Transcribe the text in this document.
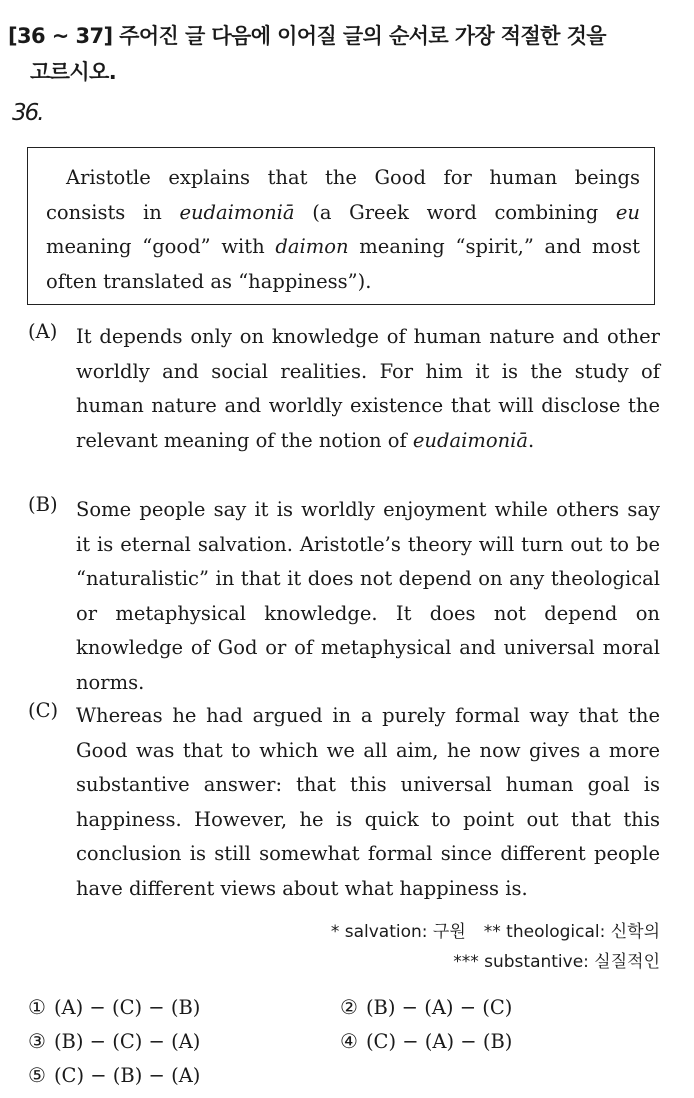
[36 ~ 37] 주어진 글 다음에 이어질 글의 순서로 가장 적절한 것을
고르시오.
36.

Aristotle explains that the Good for human beings consists in eudaimoniā (a Greek word combining eu meaning “good” with daimon meaning “spirit,” and most often translated as “happiness”).

(A) It depends only on knowledge of human nature and other worldly and social realities. For him it is the study of human nature and worldly existence that will disclose the relevant meaning of the notion of eudaimoniā.

(B) Some people say it is worldly enjoyment while others say it is eternal salvation. Aristotle’s theory will turn out to be “naturalistic” in that it does not depend on any theological or metaphysical knowledge. It does not depend on knowledge of God or of metaphysical and universal moral norms.

(C) Whereas he had argued in a purely formal way that the Good was that to which we all aim, he now gives a more substantive answer: that this universal human goal is happiness. However, he is quick to point out that this conclusion is still somewhat formal since different people have different views about what happiness is.

* salvation: 구원 ** theological: 신학의
*** substantive: 실질적인
① (A) − (C) − (B)	② (B) − (A) − (C)
③ (B) − (C) − (A)	④ (C) − (A) − (B)
⑤ (C) − (B) − (A)
